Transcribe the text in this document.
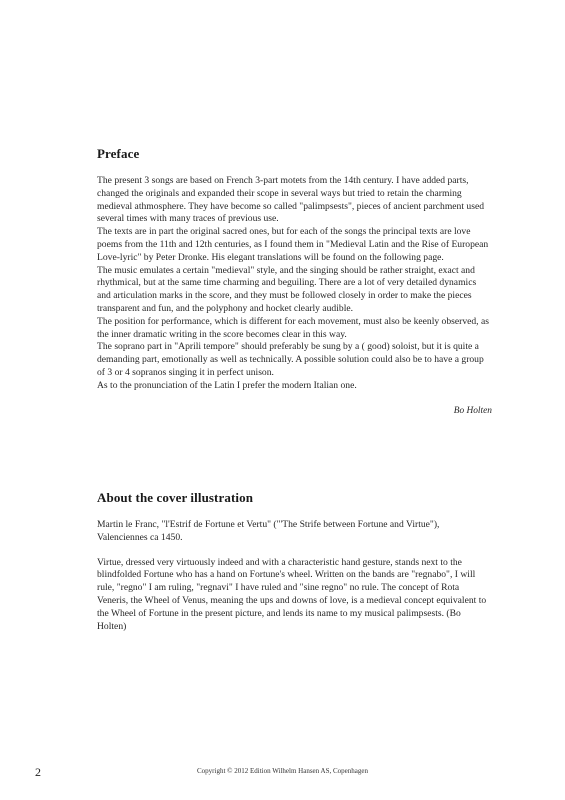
Preface

The present 3 songs are based on French 3-part motets from the 14th century. I have added parts, changed the originals and expanded their scope in several ways but tried to retain the charming medieval athmosphere. They have become so called "palimpsests", pieces of ancient parchment used several times with many traces of previous use.

The texts are in part the original sacred ones, but for each of the songs the principal texts are love poems from the 11th and 12th centuries, as I found them in "Medieval Latin and the Rise of European Love-lyric" by Peter Dronke. His elegant translations will be found on the following page.

The music emulates a certain "medieval" style, and the singing should be rather straight, exact and rhythmical, but at the same time charming and beguiling. There are a lot of very detailed dynamics and articulation marks in the score, and they must be followed closely in order to make the pieces transparent and fun, and the polyphony and hocket clearly audible.

The position for performance, which is different for each movement, must also be keenly observed, as the inner dramatic writing in the score becomes clear in this way.

The soprano part in "Aprili tempore" should preferably be sung by a ( good) soloist, but it is quite a demanding part, emotionally as well as technically. A possible solution could also be to have a group of 3 or 4 sopranos singing it in perfect unison.

As to the pronunciation of the Latin I prefer the modern Italian one.

Bo Holten
About the cover illustration

Martin le Franc, "l'Estrif de Fortune et Vertu" ("'The Strife between Fortune and Virtue"), Valenciennes ca 1450.

Virtue, dressed very virtuously indeed and with a characteristic hand gesture, stands next to the blindfolded Fortune who has a hand on Fortune's wheel. Written on the bands are "regnabo", I will rule, "regno" I am ruling, "regnavi" I have ruled and "sine regno" no rule. The concept of Rota Veneris, the Wheel of Venus, meaning the ups and downs of love, is a medieval concept equivalent to the Wheel of Fortune in the present picture, and lends its name to my musical palimpsests. (Bo Holten)

2	Copyright © 2012 Edition Wilhelm Hansen AS, Copenhagen
